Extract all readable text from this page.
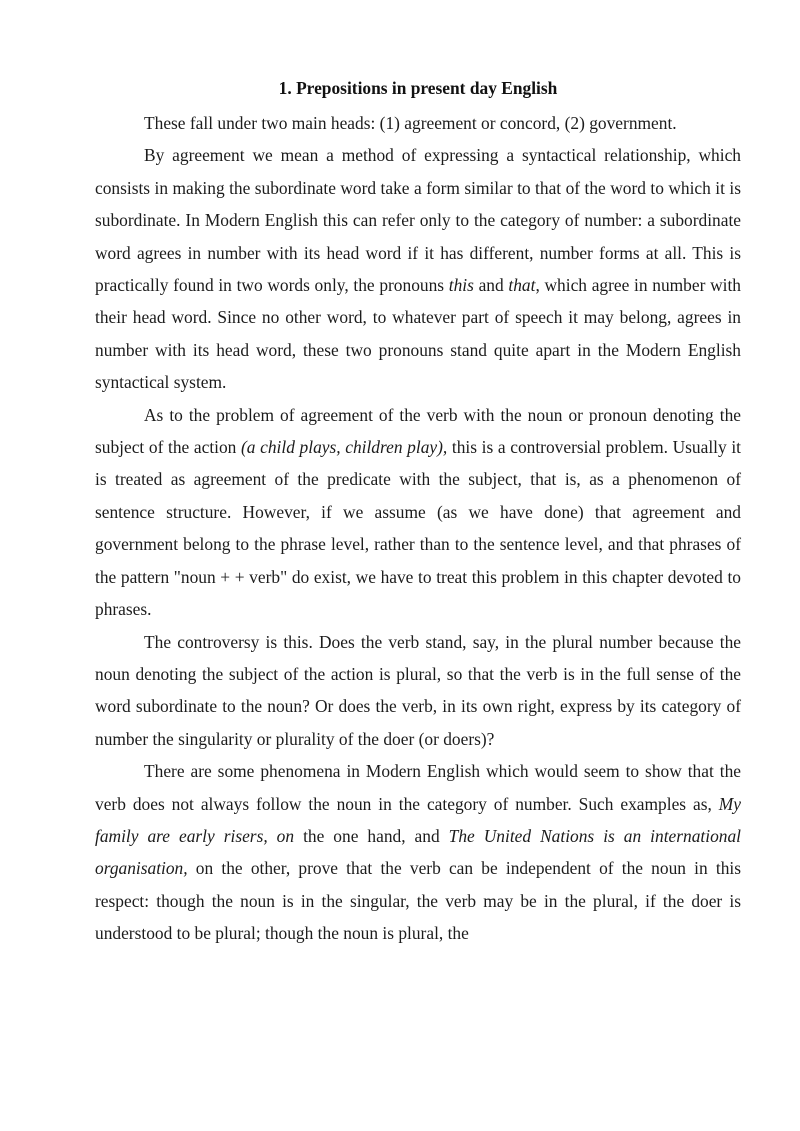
1. Prepositions in present day English

These fall under two main heads: (1) agreement or concord, (2) government.

By agreement we mean a method of expressing a syntactical relationship, which consists in making the subordinate word take a form similar to that of the word to which it is subordinate. In Modern English this can refer only to the category of number: a subordinate word agrees in number with its head word if it has different, number forms at all. This is practically found in two words only, the pronouns this and that, which agree in number with their head word. Since no other word, to whatever part of speech it may belong, agrees in number with its head word, these two pronouns stand quite apart in the Modern English syntactical system.

As to the problem of agreement of the verb with the noun or pronoun denoting the subject of the action (a child plays, children play), this is a controversial problem. Usually it is treated as agreement of the predicate with the subject, that is, as a phenomenon of sentence structure. However, if we assume (as we have done) that agreement and government belong to the phrase level, rather than to the sentence level, and that phrases of the pattern "noun + + verb" do exist, we have to treat this problem in this chapter devoted to phrases.

The controversy is this. Does the verb stand, say, in the plural number because the noun denoting the subject of the action is plural, so that the verb is in the full sense of the word subordinate to the noun? Or does the verb, in its own right, express by its category of number the singularity or plurality of the doer (or doers)?

There are some phenomena in Modern English which would seem to show that the verb does not always follow the noun in the category of number. Such examples as, My family are early risers, on the one hand, and The United Nations is an international organisation, on the other, prove that the verb can be independent of the noun in this respect: though the noun is in the singular, the verb may be in the plural, if the doer is understood to be plural; though the noun is plural, the
